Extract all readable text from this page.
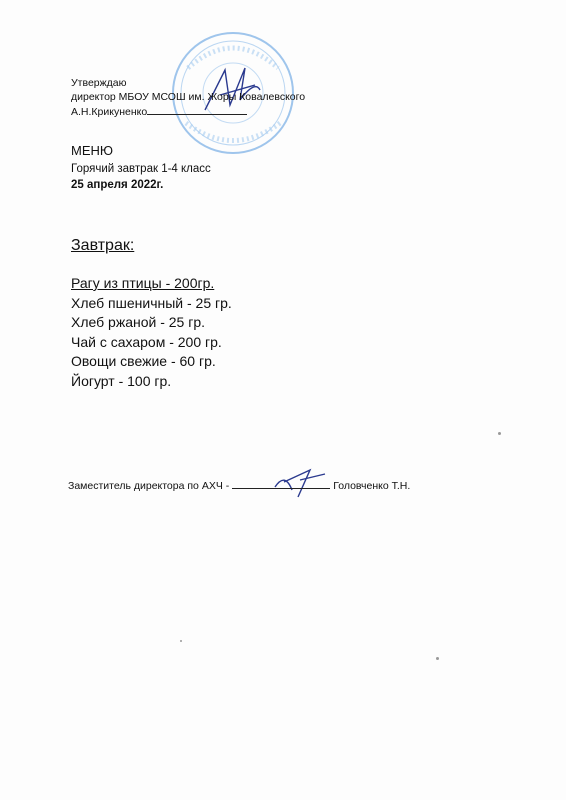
Утверждаю
директор МБОУ МСОШ им. Жоры Ковалевского
А.Н.Крикуненко
МЕНЮ
Горячий завтрак 1-4 класс
25 апреля 2022г.
Завтрак:
Рагу из птицы - 200гр.
Хлеб пшеничный - 25 гр.
Хлеб ржаной - 25 гр.
Чай с сахаром - 200 гр.
Овощи свежие - 60 гр.
Йогурт - 100 гр.
Заместитель директора по АХЧ -	Головченко Т.Н.
